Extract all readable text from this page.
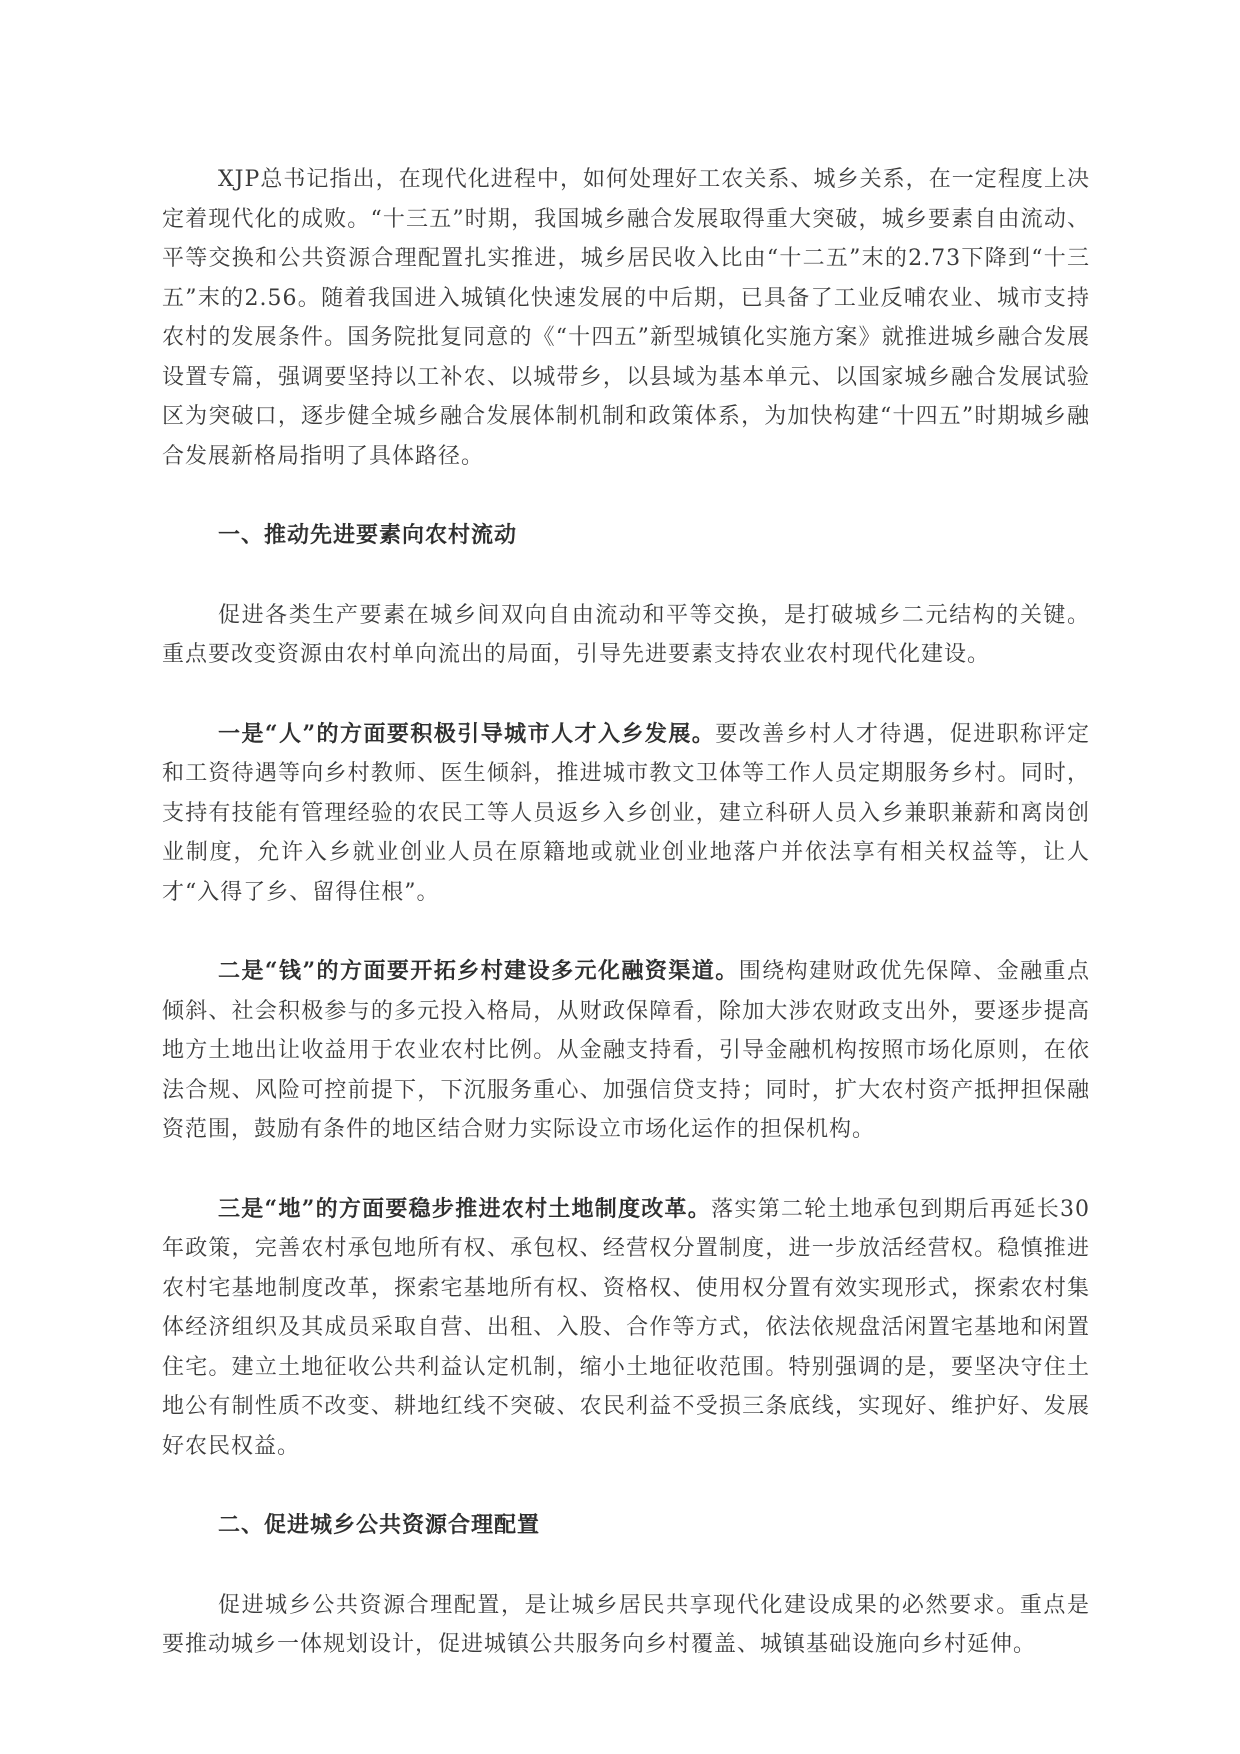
XJP总书记指出，在现代化进程中，如何处理好工农关系、城乡关系，在一定程度上决定着现代化的成败。“十三五”时期，我国城乡融合发展取得重大突破，城乡要素自由流动、平等交换和公共资源合理配置扎实推进，城乡居民收入比由“十二五”末的2.73下降到“十三五”末的2.56。随着我国进入城镇化快速发展的中后期，已具备了工业反哺农业、城市支持农村的发展条件。国务院批复同意的《“十四五”新型城镇化实施方案》就推进城乡融合发展设置专篇，强调要坚持以工补农、以城带乡，以县域为基本单元、以国家城乡融合发展试验区为突破口，逐步健全城乡融合发展体制机制和政策体系，为加快构建“十四五”时期城乡融合发展新格局指明了具体路径。

一、推动先进要素向农村流动

促进各类生产要素在城乡间双向自由流动和平等交换，是打破城乡二元结构的关键。重点要改变资源由农村单向流出的局面，引导先进要素支持农业农村现代化建设。

一是“人”的方面要积极引导城市人才入乡发展。要改善乡村人才待遇，促进职称评定和工资待遇等向乡村教师、医生倾斜，推进城市教文卫体等工作人员定期服务乡村。同时，支持有技能有管理经验的农民工等人员返乡入乡创业，建立科研人员入乡兼职兼薪和离岗创业制度，允许入乡就业创业人员在原籍地或就业创业地落户并依法享有相关权益等，让人才“入得了乡、留得住根”。

二是“钱”的方面要开拓乡村建设多元化融资渠道。围绕构建财政优先保障、金融重点倾斜、社会积极参与的多元投入格局，从财政保障看，除加大涉农财政支出外，要逐步提高地方土地出让收益用于农业农村比例。从金融支持看，引导金融机构按照市场化原则，在依法合规、风险可控前提下，下沉服务重心、加强信贷支持；同时，扩大农村资产抵押担保融资范围，鼓励有条件的地区结合财力实际设立市场化运作的担保机构。

三是“地”的方面要稳步推进农村土地制度改革。落实第二轮土地承包到期后再延长30年政策，完善农村承包地所有权、承包权、经营权分置制度，进一步放活经营权。稳慎推进农村宅基地制度改革，探索宅基地所有权、资格权、使用权分置有效实现形式，探索农村集体经济组织及其成员采取自营、出租、入股、合作等方式，依法依规盘活闲置宅基地和闲置住宅。建立土地征收公共利益认定机制，缩小土地征收范围。特别强调的是，要坚决守住土地公有制性质不改变、耕地红线不突破、农民利益不受损三条底线，实现好、维护好、发展好农民权益。

二、促进城乡公共资源合理配置

促进城乡公共资源合理配置，是让城乡居民共享现代化建设成果的必然要求。重点是要推动城乡一体规划设计，促进城镇公共服务向乡村覆盖、城镇基础设施向乡村延伸。
